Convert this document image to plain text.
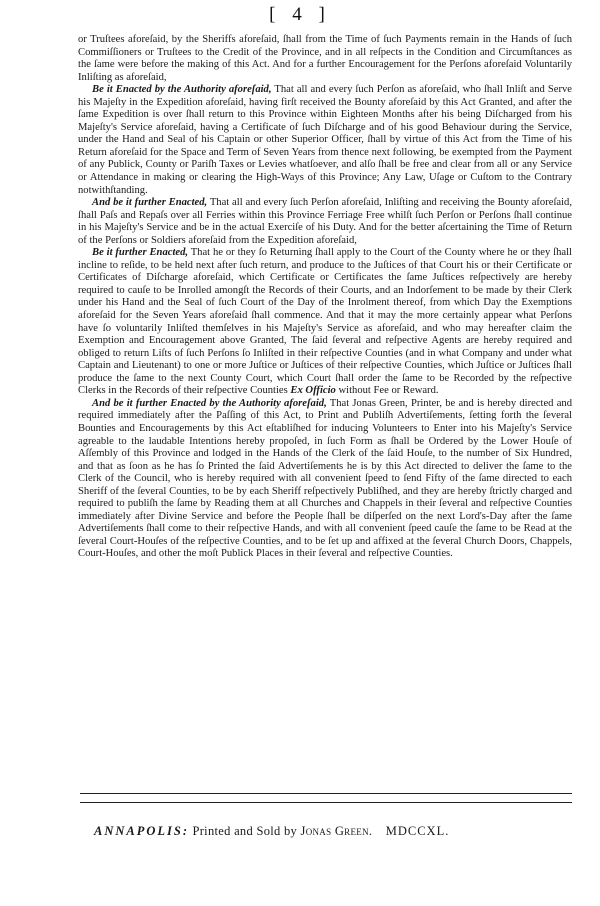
[ 4 ]

or Truſtees aforeſaid, by the Sheriffs aforeſaid, ſhall from the Time of ſuch Payments remain in the Hands of ſuch Commiſſioners or Truſtees to the Credit of the Province, and in all reſpects in the Condition and Circumſtances as the ſame were before the making of this Act. And for a further Encouragement for the Perſons aforeſaid Voluntarily Inliſting as aforeſaid,

Be it Enacted by the Authority aforeſaid, That all and every ſuch Perſon as aforeſaid, who ſhall Inliſt and Serve his Majeſty in the Expedition aforeſaid, having firſt received the Bounty aforeſaid by this Act Granted, and after the ſame Expedition is over ſhall return to this Province within Eighteen Months after his being Diſcharged from his Majeſty's Service aforeſaid, having a Certificate of ſuch Diſcharge and of his good Behaviour during the Service, under the Hand and Seal of his Captain or other Superior Officer, ſhall by virtue of this Act from the Time of his Return aforeſaid for the Space and Term of Seven Years from thence next following, be exempted from the Payment of any Publick, County or Pariſh Taxes or Levies whatſoever, and alſo ſhall be free and clear from all or any Service or Attendance in making or clearing the High-Ways of this Province; Any Law, Uſage or Cuſtom to the Contrary notwithſtanding.

And be it further Enacted, That all and every ſuch Perſon aforeſaid, Inliſting and receiving the Bounty aforeſaid, ſhall Paſs and Repaſs over all Ferries within this Province Ferriage Free whilſt ſuch Perſon or Perſons ſhall continue in his Majeſty's Service and be in the actual Exerciſe of his Duty. And for the better aſcertaining the Time of Return of the Perſons or Soldiers aforeſaid from the Expedition aforeſaid,

Be it further Enacted, That he or they ſo Returning ſhall apply to the Court of the County where he or they ſhall incline to reſide, to be held next after ſuch return, and produce to the Juſtices of that Court his or their Certificate or Certificates of Diſcharge aforeſaid, which Certificate or Certificates the ſame Juſtices reſpectively are hereby required to cauſe to be Inrolled amongſt the Records of their Courts, and an Indorſement to be made by their Clerk under his Hand and the Seal of ſuch Court of the Day of the Inrolment thereof, from which Day the Exemptions aforeſaid for the Seven Years aforeſaid ſhall commence. And that it may the more certainly appear what Perſons have ſo voluntarily Inliſted themſelves in his Majeſty's Service as aforeſaid, and who may hereafter claim the Exemption and Encouragement above Granted, The ſaid ſeveral and reſpective Agents are hereby required and obliged to return Liſts of ſuch Perſons ſo Inliſted in their reſpective Counties (and in what Company and under what Captain and Lieutenant) to one or more Juſtice or Juſtices of their reſpective Counties, which Juſtice or Juſtices ſhall produce the ſame to the next County Court, which Court ſhall order the ſame to be Recorded by the reſpective Clerks in the Records of their reſpective Counties Ex Officio without Fee or Reward.

And be it further Enacted by the Authority aforeſaid, That Jonas Green, Printer, be and is hereby directed and required immediately after the Paſſing of this Act, to Print and Publiſh Advertiſements, ſetting forth the ſeveral Bounties and Encouragements by this Act eſtabliſhed for inducing Volunteers to Enter into his Majeſty's Service agreable to the laudable Intentions hereby propoſed, in ſuch Form as ſhall be Ordered by the Lower Houſe of Aſſembly of this Province and lodged in the Hands of the Clerk of the ſaid Houſe, to the number of Six Hundred, and that as ſoon as he has ſo Printed the ſaid Advertiſements he is by this Act directed to deliver the ſame to the Clerk of the Council, who is hereby required with all convenient ſpeed to ſend Fifty of the ſame directed to each Sheriff of the ſeveral Counties, to be by each Sheriff reſpectively Publiſhed, and they are hereby ſtrictly charged and required to publiſh the ſame by Reading them at all Churches and Chappels in their ſeveral and reſpective Counties immediately after Divine Service and before the People ſhall be diſperſed on the next Lord's-Day after the ſame Advertiſements ſhall come to their reſpective Hands, and with all convenient ſpeed cauſe the ſame to be Read at the ſeveral Court-Houſes of the reſpective Counties, and to be ſet up and affixed at the ſeveral Church Doors, Chappels, Court-Houſes, and other the moſt Publick Places in their ſeveral and reſpective Counties.

ANNAPOLIS: Printed and Sold by Jonas Green. MDCCXL.
